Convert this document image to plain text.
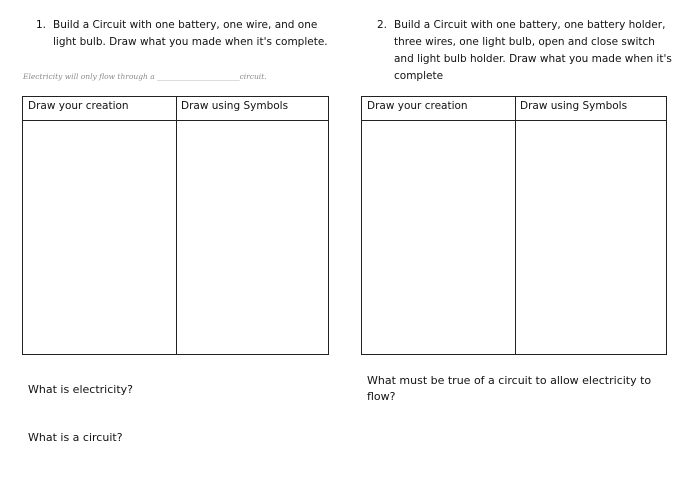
1. Build a Circuit with one battery, one wire, and one light bulb. Draw what you made when it's complete.
2. Build a Circuit with one battery, one battery holder, three wires, one light bulb, open and close switch and light bulb holder. Draw what you made when it's complete
Electricity will only flow through a ______________________circuit.
Draw your creation	Draw using Symbols	Draw your creation	Draw using Symbols
What is electricity?
What is a circuit?
What must be true of a circuit to allow electricity to flow?
